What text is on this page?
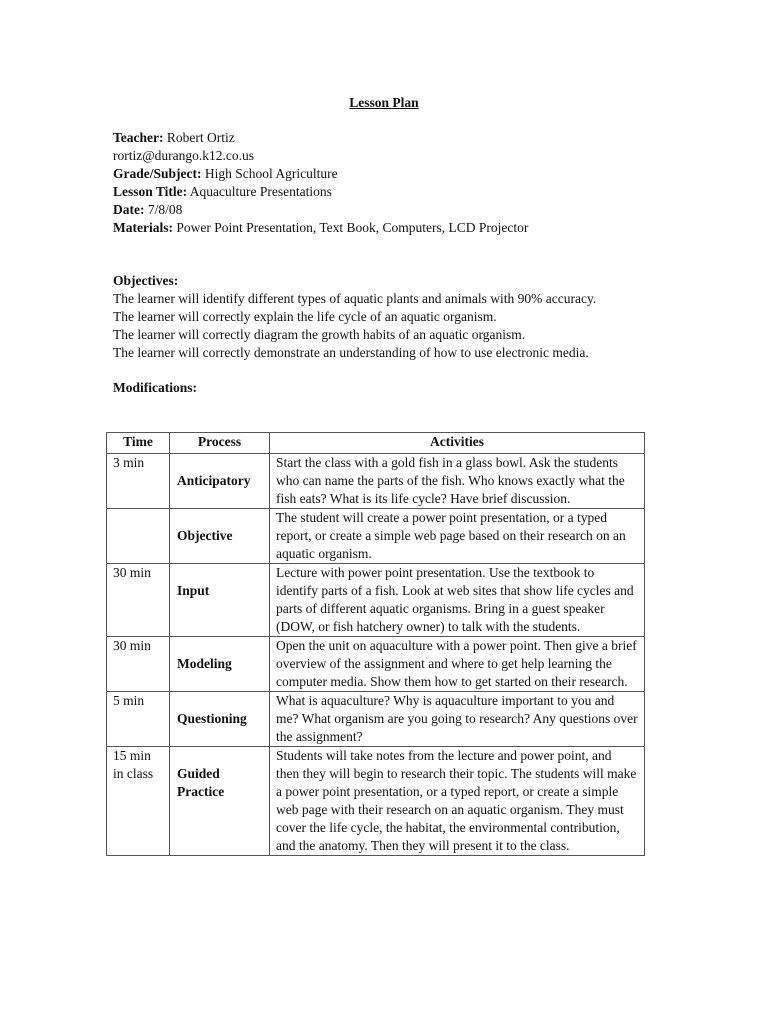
Lesson Plan
Teacher: Robert Ortiz
rortiz@durango.k12.co.us
Grade/Subject: High School Agriculture
Lesson Title: Aquaculture Presentations
Date: 7/8/08
Materials: Power Point Presentation, Text Book, Computers, LCD Projector
Objectives:
The learner will identify different types of aquatic plants and animals with 90% accuracy.
The learner will correctly explain the life cycle of an aquatic organism.
The learner will correctly diagram the growth habits of an aquatic organism.
The learner will correctly demonstrate an understanding of how to use electronic media.
Modifications:
Time	Process	Activities
3 min	Anticipatory	Start the class with a gold fish in a glass bowl. Ask the students who can name the parts of the fish. Who knows exactly what the fish eats? What is its life cycle? Have brief discussion.

	Objective	The student will create a power point presentation, or a typed report, or create a simple web page based on their research on an aquatic organism.
30 min	Input	Lecture with power point presentation. Use the textbook to identify parts of a fish. Look at web sites that show life cycles and parts of different aquatic organisms. Bring in a guest speaker (DOW, or fish hatchery owner) to talk with the students.
30 min	Modeling	Open the unit on aquaculture with a power point. Then give a brief overview of the assignment and where to get help learning the computer media. Show them how to get started on their research.
5 min	Questioning	What is aquaculture? Why is aquaculture important to you and me? What organism are you going to research? Any questions over the assignment?
15 min in class	Guided Practice	Students will take notes from the lecture and power point, and then they will begin to research their topic. The students will make a power point presentation, or a typed report, or create a simple web page with their research on an aquatic organism. They must cover the life cycle, the habitat, the environmental contribution, and the anatomy. Then they will present it to the class.
